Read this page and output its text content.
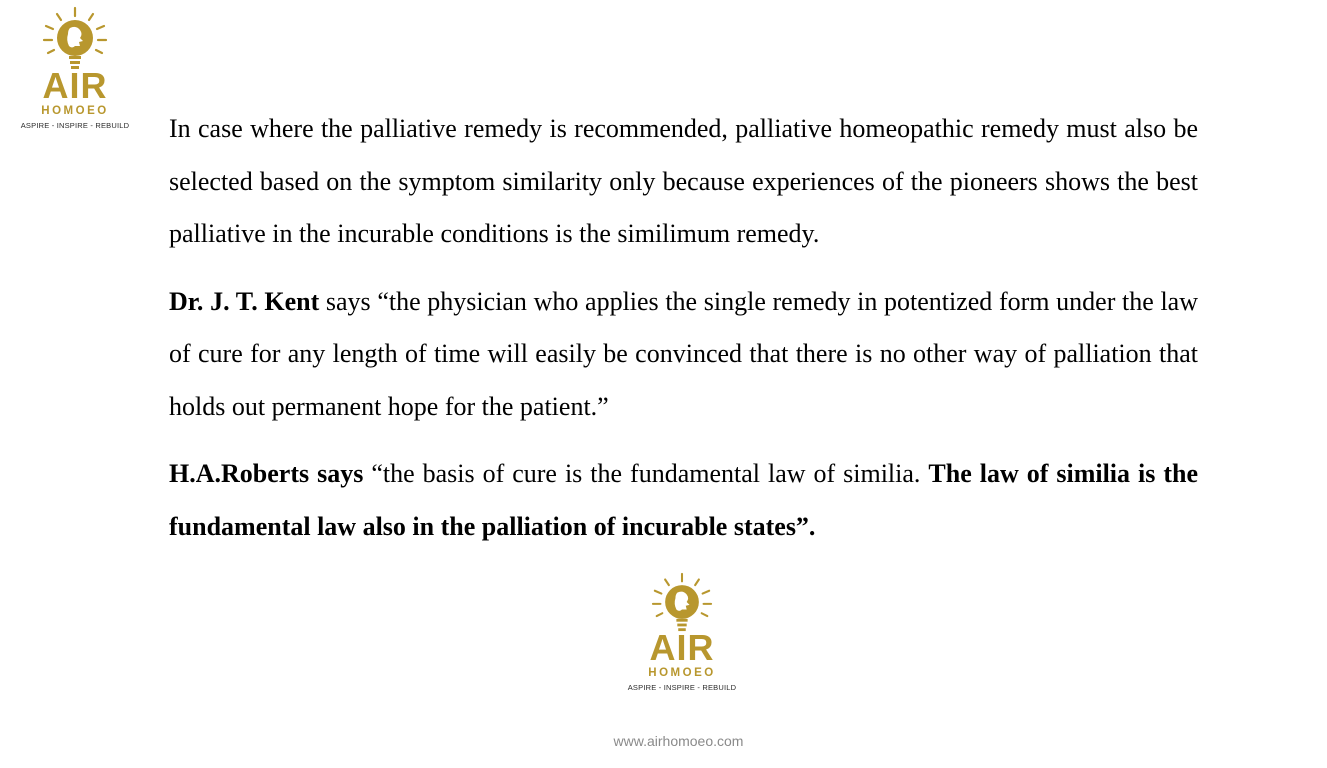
AIR
HOMOEO
ASPIRE - INSPIRE - REBUILD In case where the palliative remedy is recommended, palliative homeopathic remedy must also be selected based on the symptom similarity only because experiences of the pioneers shows the best palliative in the incurable conditions is the similimum remedy.

Dr. J. T. Kent says “the physician who applies the single remedy in potentized form under the law of cure for any length of time will easily be convinced that there is no other way of palliation that holds out permanent hope for the patient.”

H.A.Roberts says “the basis of cure is the fundamental law of similia. The law of similia is the fundamental law also in the palliation of incurable states”.

AIR
HOMOEO
ASPIRE - INSPIRE - REBUILD
www.airhomoeo.com
